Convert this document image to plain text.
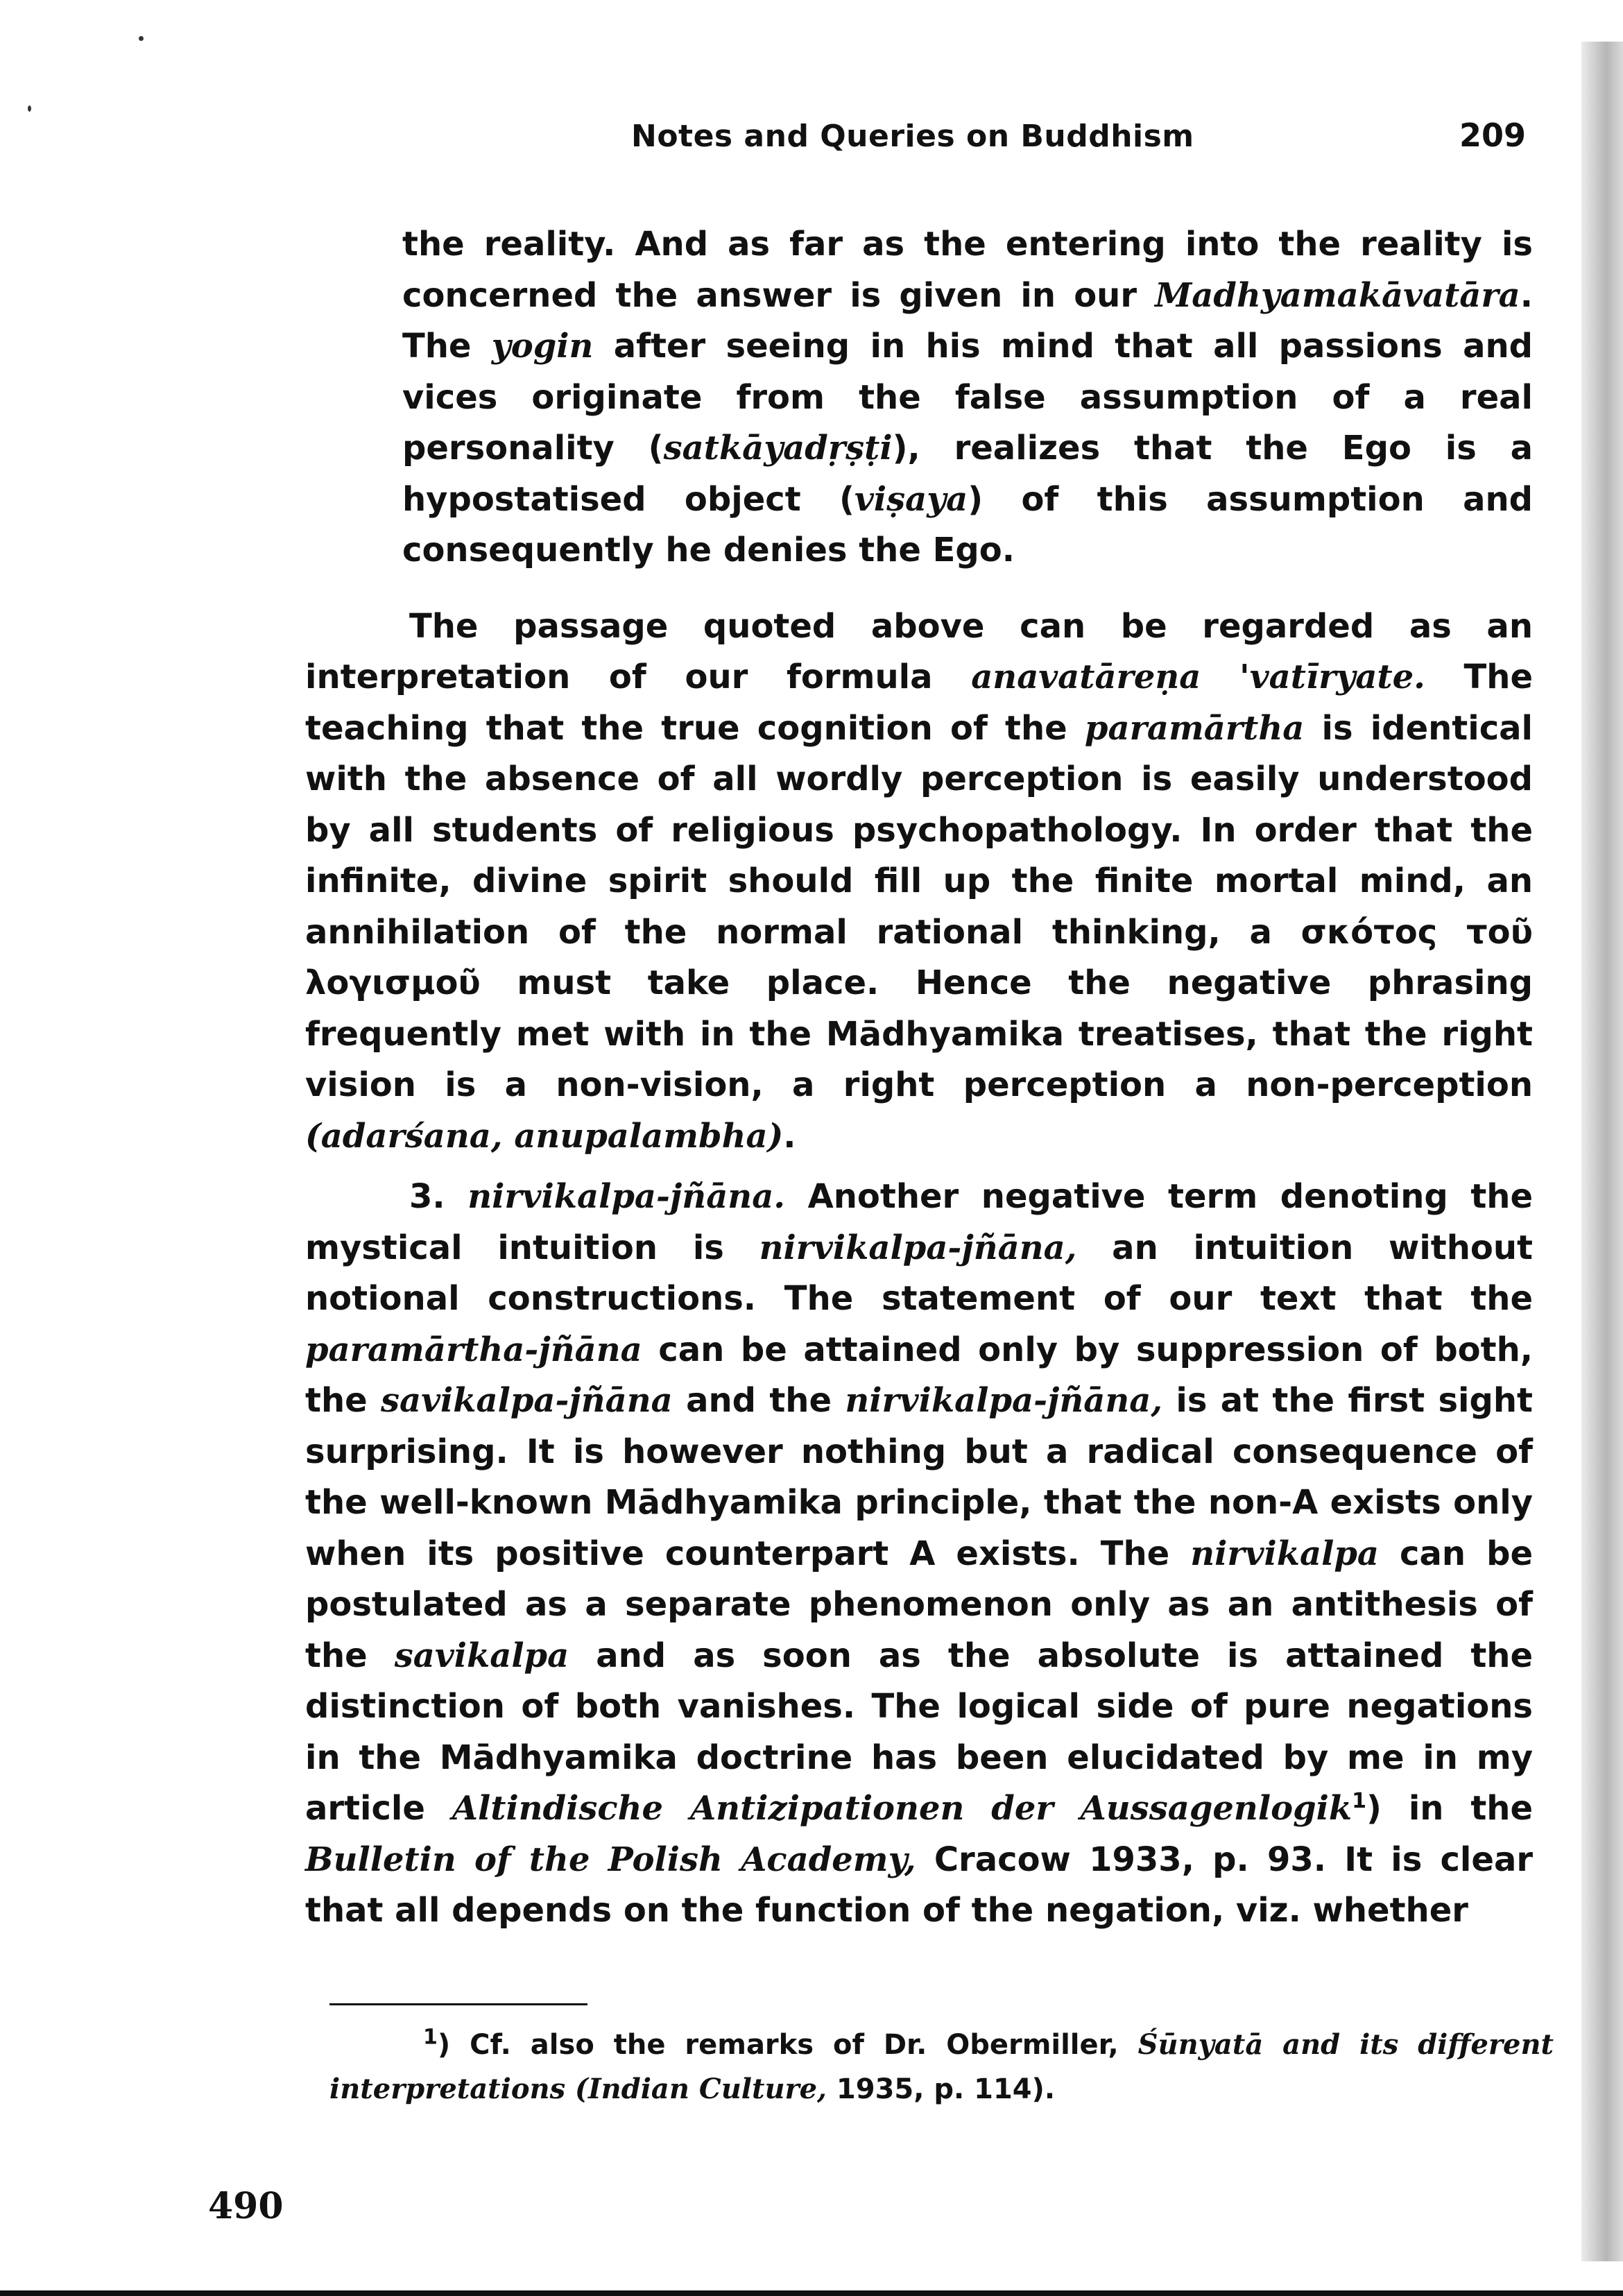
Notes and Queries on Buddhism	209

the reality. And as far as the entering into the reality is concerned the answer is given in our Madhyamakāvatāra. The yogin after seeing in his mind that all passions and vices originate from the false assumption of a real personality (satkāyadṛṣṭi), realizes that the Ego is a hypostatised object (viṣaya) of this assumption and consequently he denies the Ego.

The passage quoted above can be regarded as an interpretation of our formula anavatāreṇa 'vatīryate. The teaching that the true cognition of the paramārtha is identical with the absence of all wordly perception is easily understood by all students of religious psychopathology. In order that the infinite, divine spirit should fill up the finite mortal mind, an annihilation of the normal rational thinking, a σκότος τοῦ λογισμοῦ must take place. Hence the negative phrasing frequently met with in the Mādhyamika treatises, that the right vision is a non-vision, a right perception a non-perception (adarśana, anupalambha).

3. nirvikalpa-jñāna. Another negative term denoting the mystical intuition is nirvikalpa-jñāna, an intuition without notional constructions. The statement of our text that the paramārtha-jñāna can be attained only by suppression of both, the savikalpa-jñāna and the nirvikalpa-jñāna, is at the first sight surprising. It is however nothing but a radical consequence of the well-known Mādhyamika principle, that the non-A exists only when its positive counterpart A exists. The nirvikalpa can be postulated as a separate phenomenon only as an antithesis of the savikalpa and as soon as the absolute is attained the distinction of both vanishes. The logical side of pure negations in the Mādhyamika doctrine has been elucidated by me in my article Altindische Antizipationen der Aussagenlogik$^1$) in the Bulletin of the Polish Academy, Cracow 1933, p. 93. It is clear that all depends on the function of the negation, viz. whether

$^1$) Cf. also the remarks of Dr. Obermiller, Śūnyatā and its different interpretations (Indian Culture, 1935, p. 114).
490
